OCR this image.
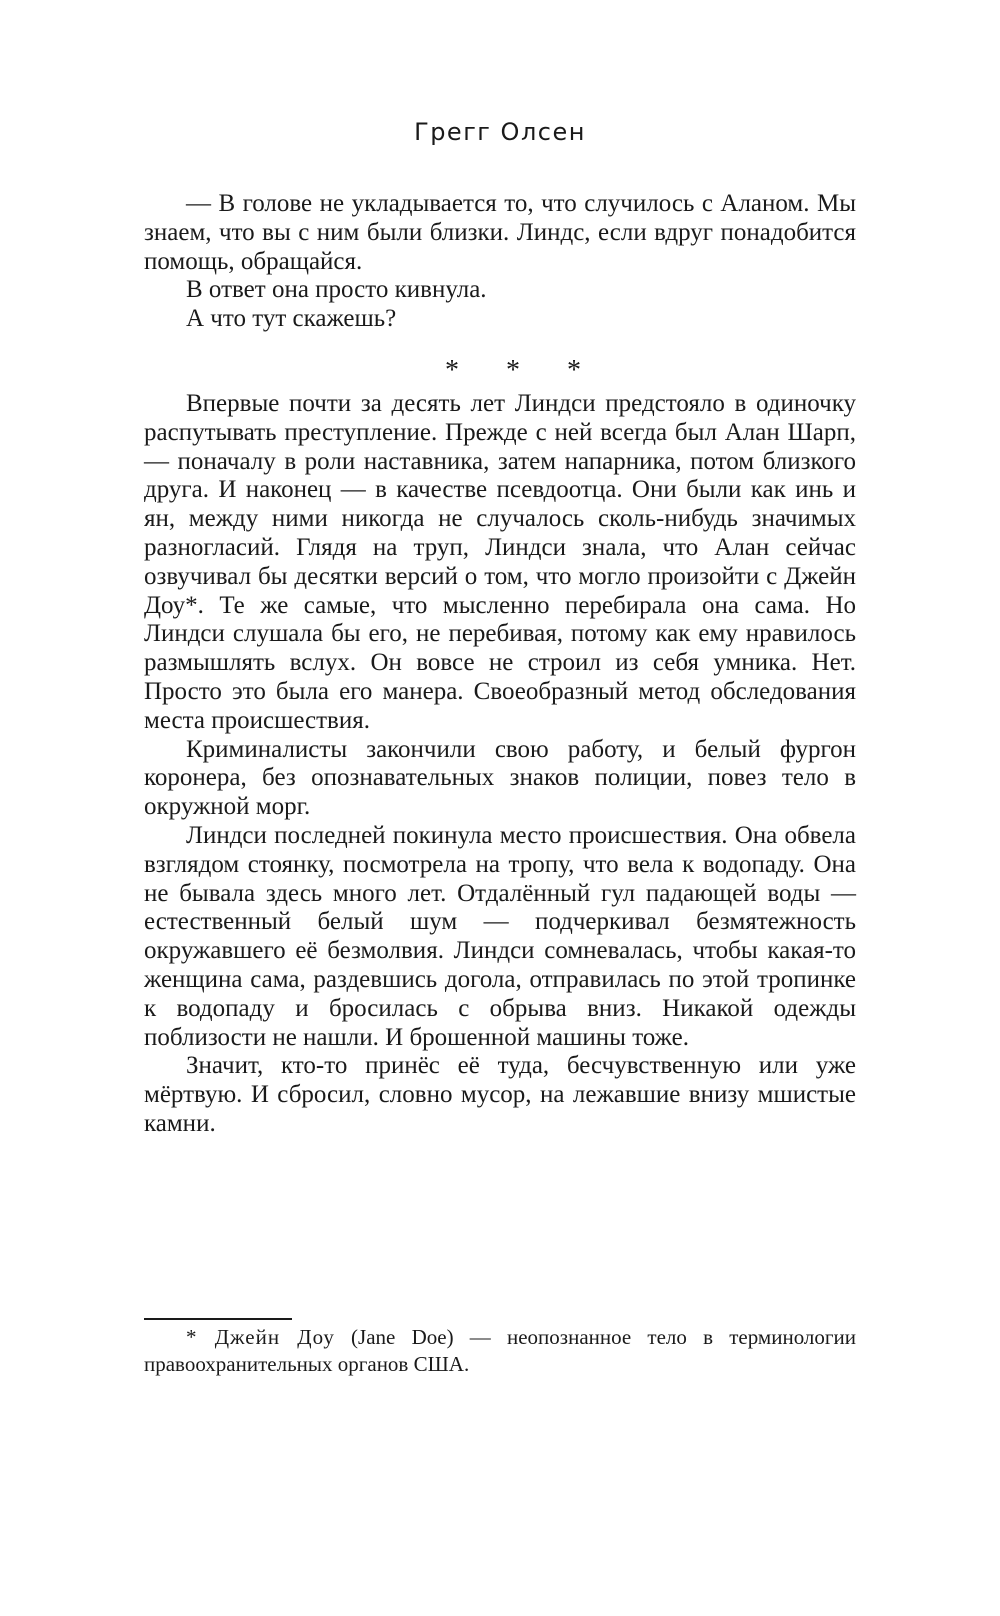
Грегг Олсен

— В голове не укладывается то, что случилось с Аланом. Мы знаем, что вы с ним были близки. Линдс, если вдруг понадобится помощь, обращайся.

В ответ она просто кивнула.

А что тут скажешь?

* * *

Впервые почти за десять лет Линдси предстояло в одиночку распутывать преступление. Прежде с ней всегда был Алан Шарп, — поначалу в роли наставника, затем напарника, потом близкого друга. И наконец — в качестве псевдоотца. Они были как инь и ян, между ними никогда не случалось сколь-нибудь значимых разногласий. Глядя на труп, Линдси знала, что Алан сейчас озвучивал бы десятки версий о том, что могло произойти с Джейн Доу*. Те же самые, что мысленно перебирала она сама. Но Линдси слушала бы его, не перебивая, потому как ему нравилось размышлять вслух. Он вовсе не строил из себя умника. Нет. Просто это была его манера. Своеобразный метод обследования места происшествия.

Криминалисты закончили свою работу, и белый фургон коронера, без опознавательных знаков полиции, повез тело в окружной морг.

Линдси последней покинула место происшествия. Она обвела взглядом стоянку, посмотрела на тропу, что вела к водопаду. Она не бывала здесь много лет. Отдалённый гул падающей воды — естественный белый шум — подчеркивал безмятежность окружавшего её безмолвия. Линдси сомневалась, чтобы какая-то женщина сама, раздевшись догола, отправилась по этой тропинке к водопаду и бросилась с обрыва вниз. Никакой одежды поблизости не нашли. И брошенной машины тоже.

Значит, кто-то принёс её туда, бесчувственную или уже мёртвую. И сбросил, словно мусор, на лежавшие внизу мшистые камни.

* Джейн Доу (Jane Doe) — неопознанное тело в терминологии правоохранительных органов США.
